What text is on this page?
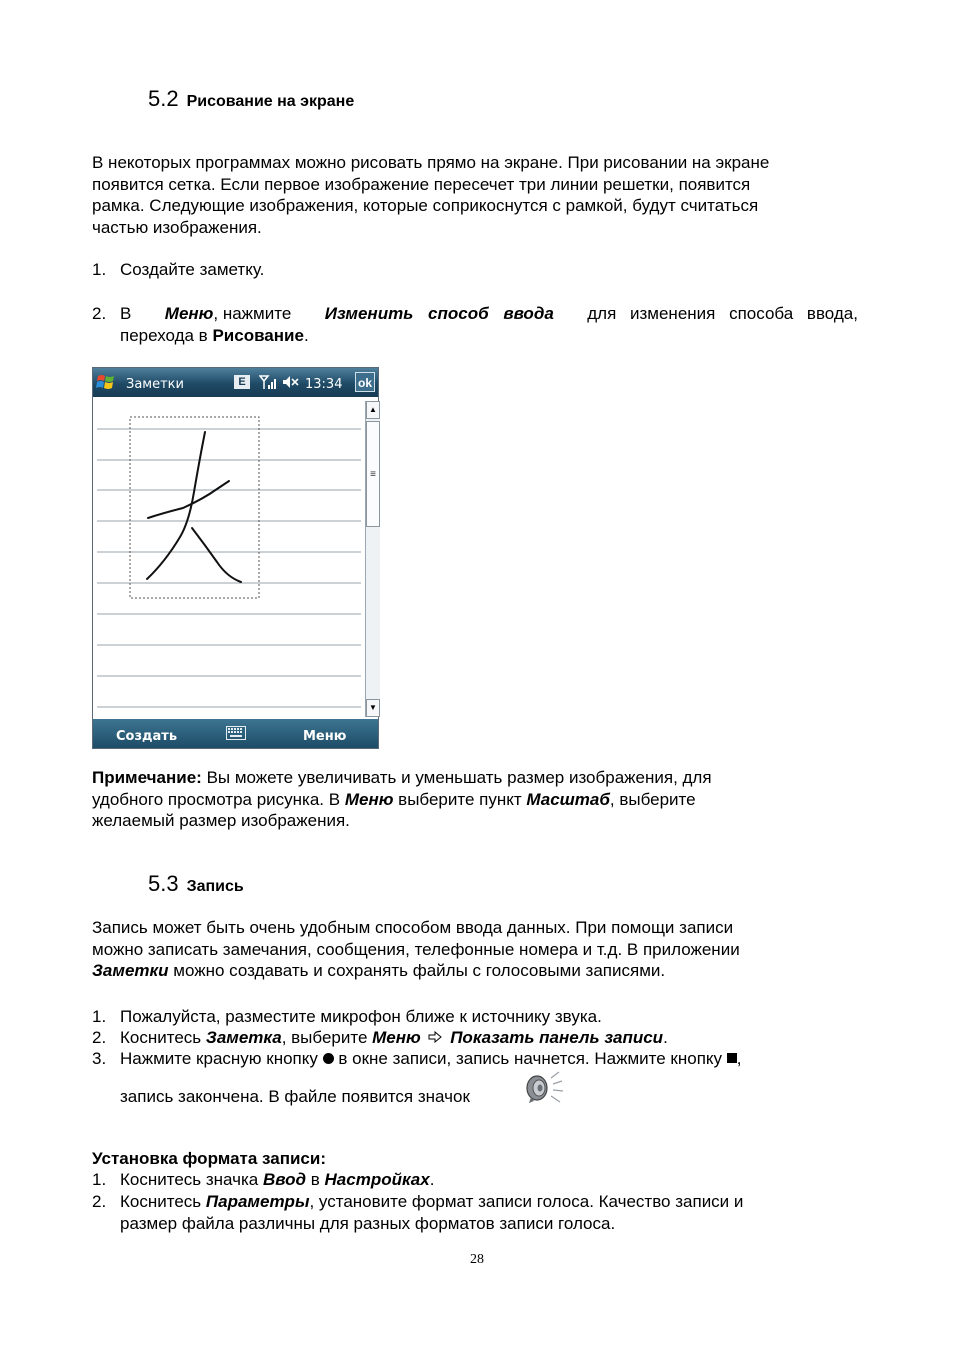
5.2 Рисование на экране
В некоторых программах можно рисовать прямо на экране. При рисовании на экране
появится сетка. Если первое изображение пересечет три линии решетки, появится
рамка. Следующие изображения, которые соприкоснутся с рамкой, будут считаться
частью изображения.
1. Создайте заметку.
2. В Меню, нажмите Изменить способ ввода для изменения способа ввода,
перехода в Рисование.
Заметки	E	13:34 ok
▲
≡
▼
Создать	Меню
Примечание: Вы можете увеличивать и уменьшать размер изображения, для
удобного просмотра рисунка. В Меню выберите пункт Масштаб, выберите
желаемый размер изображения.
5.3 Запись
Запись может быть очень удобным способом ввода данных. При помощи записи
можно записать замечания, сообщения, телефонные номера и т.д. В приложении
Заметки можно создавать и сохранять файлы с голосовыми записями.
1. Пожалуйста, разместите микрофон ближе к источнику звука.
2. Коснитесь Заметка, выберите Меню Показать панель записи.
3. Нажмите красную кнопку в окне записи, запись начнется. Нажмите кнопку ,
запись закончена. В файле появится значок
Установка формата записи:
1. Коснитесь значка Ввод в Настройках.
2. Коснитесь Параметры, установите формат записи голоса. Качество записи и
размер файла различны для разных форматов записи голоса.
28
